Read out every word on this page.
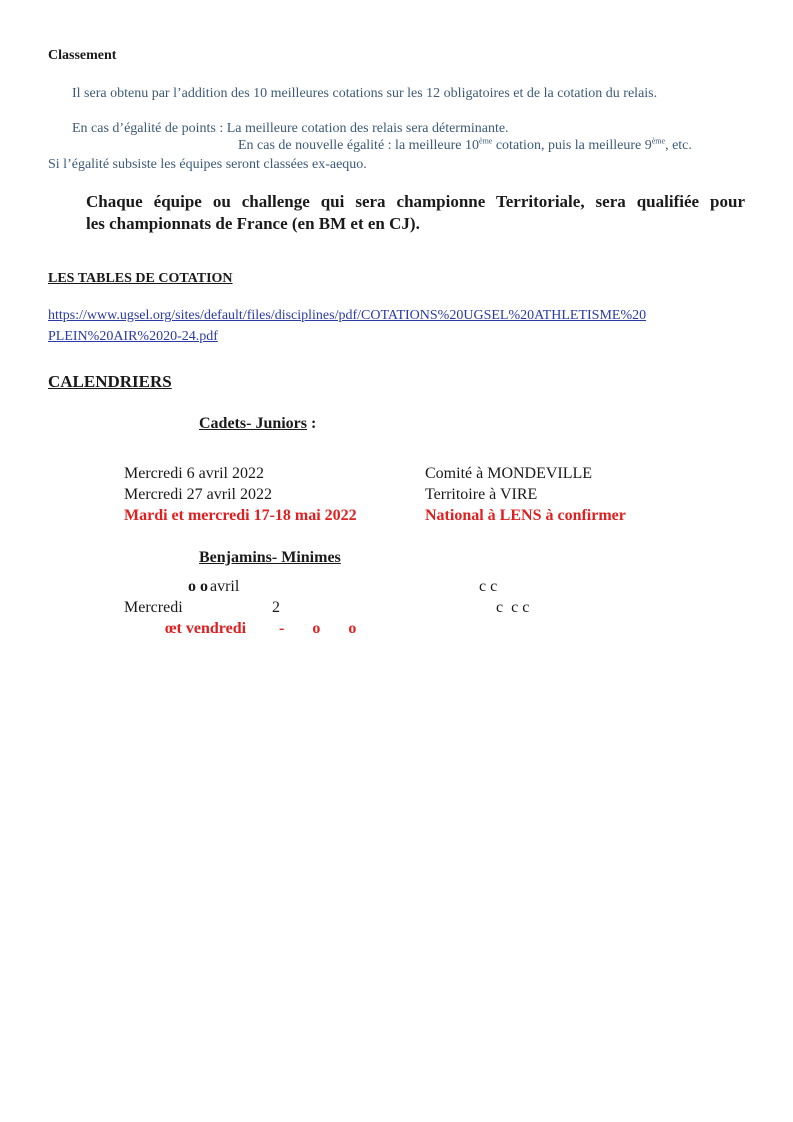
Classement
Il sera obtenu par l’addition des 10 meilleures cotations sur les 12 obligatoires et de la cotation du relais.
En cas d’égalité de points : La meilleure cotation des relais sera déterminante.
En cas de nouvelle égalité : la meilleure 10ème cotation, puis la meilleure 9ème, etc.
Si l’égalité subsiste les équipes seront classées ex-aequo.
Chaque équipe ou challenge qui sera championne Territoriale, sera qualifiée pour
les championnats de France (en BM et en CJ).
LES TABLES DE COTATION
https://www.ugsel.org/sites/default/files/disciplines/pdf/COTATIONS%20UGSEL%20ATHLETISME%20
PLEIN%20AIR%2020-24.pdf
CALENDRIERS
Cadets- Juniors :
Mercredi 6 avril 2022	Comité à MONDEVILLE
Mercredi 27 avril 2022	Territoire à VIRE
Mardi et mercredi 17-18 mai 2022	National à LENS à confirmer
Benjamins- Minimes
o o avril	c c
Mercredi	2	c  c c
œt vendredi -  o  o
